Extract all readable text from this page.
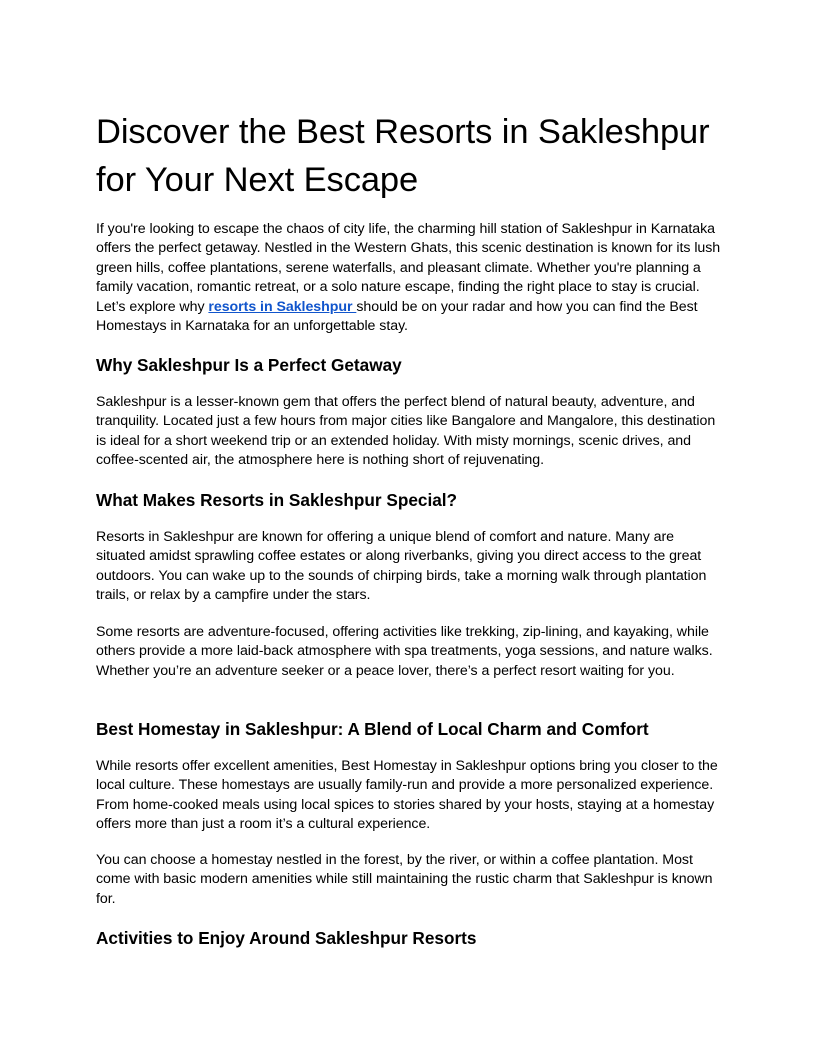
Discover the Best Resorts in Sakleshpur for Your Next Escape

If you're looking to escape the chaos of city life, the charming hill station of Sakleshpur in Karnataka offers the perfect getaway. Nestled in the Western Ghats, this scenic destination is known for its lush green hills, coffee plantations, serene waterfalls, and pleasant climate. Whether you're planning a family vacation, romantic retreat, or a solo nature escape, finding the right place to stay is crucial. Let’s explore why resorts in Sakleshpur should be on your radar and how you can find the Best Homestays in Karnataka for an unforgettable stay.

Why Sakleshpur Is a Perfect Getaway

Sakleshpur is a lesser-known gem that offers the perfect blend of natural beauty, adventure, and tranquility. Located just a few hours from major cities like Bangalore and Mangalore, this destination is ideal for a short weekend trip or an extended holiday. With misty mornings, scenic drives, and coffee-scented air, the atmosphere here is nothing short of rejuvenating.

What Makes Resorts in Sakleshpur Special?

Resorts in Sakleshpur are known for offering a unique blend of comfort and nature. Many are situated amidst sprawling coffee estates or along riverbanks, giving you direct access to the great outdoors. You can wake up to the sounds of chirping birds, take a morning walk through plantation trails, or relax by a campfire under the stars.

Some resorts are adventure-focused, offering activities like trekking, zip-lining, and kayaking, while others provide a more laid-back atmosphere with spa treatments, yoga sessions, and nature walks. Whether you’re an adventure seeker or a peace lover, there’s a perfect resort waiting for you.

Best Homestay in Sakleshpur: A Blend of Local Charm and Comfort

While resorts offer excellent amenities, Best Homestay in Sakleshpur options bring you closer to the local culture. These homestays are usually family-run and provide a more personalized experience. From home-cooked meals using local spices to stories shared by your hosts, staying at a homestay offers more than just a room it’s a cultural experience.

You can choose a homestay nestled in the forest, by the river, or within a coffee plantation. Most come with basic modern amenities while still maintaining the rustic charm that Sakleshpur is known for.

Activities to Enjoy Around Sakleshpur Resorts
